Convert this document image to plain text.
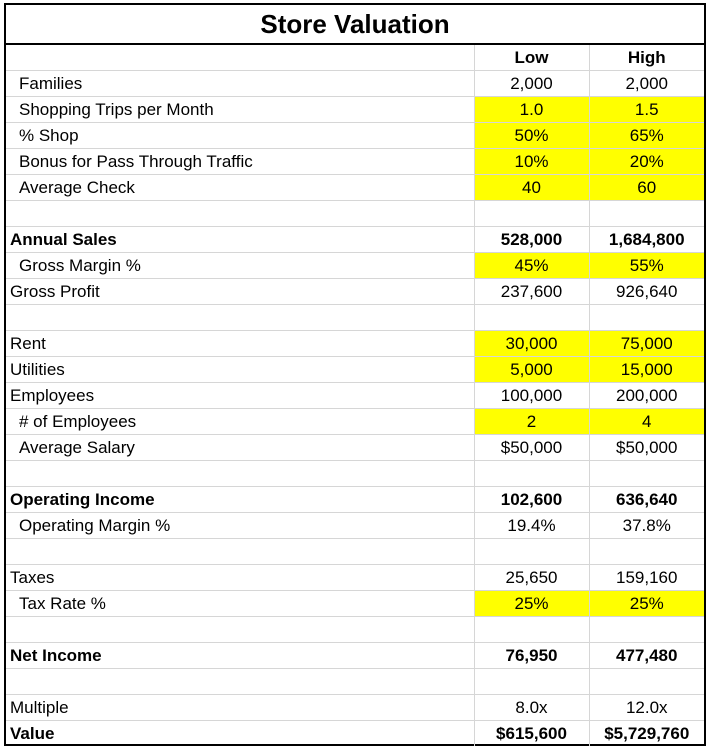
Store Valuation
	Low	High
Families	2,000	2,000
Shopping Trips per Month	1.0	1.5
% Shop	50%	65%
Bonus for Pass Through Traffic	10%	20%
Average Check	40	60

Annual Sales	528,000	1,684,800
Gross Margin %	45%	55%
Gross Profit	237,600	926,640

Rent	30,000	75,000
Utilities	5,000	15,000
Employees	100,000	200,000
# of Employees	2	4
Average Salary	$50,000	$50,000

Operating Income	102,600	636,640
Operating Margin %	19.4%	37.8%

Taxes	25,650	159,160
Tax Rate %	25%	25%

Net Income	76,950	477,480

Multiple	8.0x	12.0x
Value	$615,600	$5,729,760
